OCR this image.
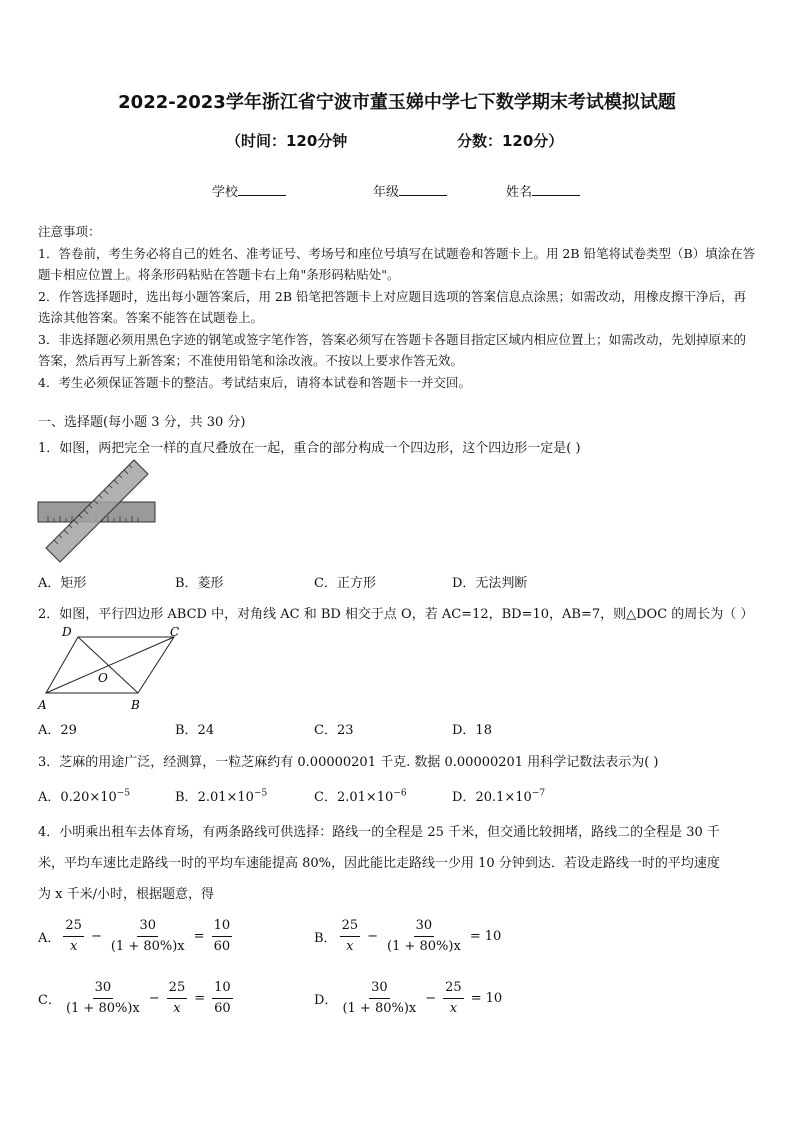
2022-2023学年浙江省宁波市董玉娣中学七下数学期末考试模拟试题
（时间：120分钟	分数：120分）
学校	年级	姓名

注意事项：

1．答卷前，考生务必将自己的姓名、准考证号、考场号和座位号填写在试题卷和答题卡上。用 2B 铅笔将试卷类型（B）填涂在答题卡相应位置上。将条形码粘贴在答题卡右上角"条形码粘贴处"。

2．作答选择题时，选出每小题答案后，用 2B 铅笔把答题卡上对应题目选项的答案信息点涂黑；如需改动，用橡皮擦干净后，再选涂其他答案。答案不能答在试题卷上。

3．非选择题必须用黑色字迹的钢笔或签字笔作答，答案必须写在答题卡各题目指定区域内相应位置上；如需改动，先划掉原来的答案，然后再写上新答案；不准使用铅笔和涂改液。不按以上要求作答无效。

4．考生必须保证答题卡的整洁。考试结束后，请将本试卷和答题卡一并交回。

一、选择题(每小题 3 分，共 30 分)
1．如图，两把完全一样的直尺叠放在一起，重合的部分构成一个四边形，这个四边形一定是( )
A．矩形	B．菱形	C．正方形	D．无法判断
2．如图，平行四边形 ABCD 中，对角线 AC 和 BD 相交于点 O，若 AC=12，BD=10，AB=7，则△DOC 的周长为（ ）
D	C
A	B
O
A．29	B．24	C．23	D．18
3．芝麻的用途广泛，经测算，一粒芝麻约有 0.00000201 千克. 数据 0.00000201 用科学记数法表示为( )
A．$0.20\times 10^{-5}$	B．$2.01\times 10^{-5}$	C．$2.01\times 10^{-6}$	D．$20.1\times 10^{-7}$
4．小明乘出租车去体育场，有两条路线可供选择：路线一的全程是 25 千米，但交通比较拥堵，路线二的全程是 30 千
米，平均车速比走路线一时的平均车速能提高 80%，因此能比走路线一少用 10 分钟到达．若设走路线一时的平均速度
为 x 千米/小时，根据题意，得
A． $\frac{25}{x} - \frac{30}{(1 + 80\%)x} = \frac{10}{60}$	B． $\frac{25}{x} - \frac{30}{(1 + 80\%)x} = 10$
C． $\frac{30}{(1 + 80\%)x} - \frac{25}{x} = \frac{10}{60}$	D． $\frac{30}{(1 + 80\%)x} - \frac{25}{x} = 10$
